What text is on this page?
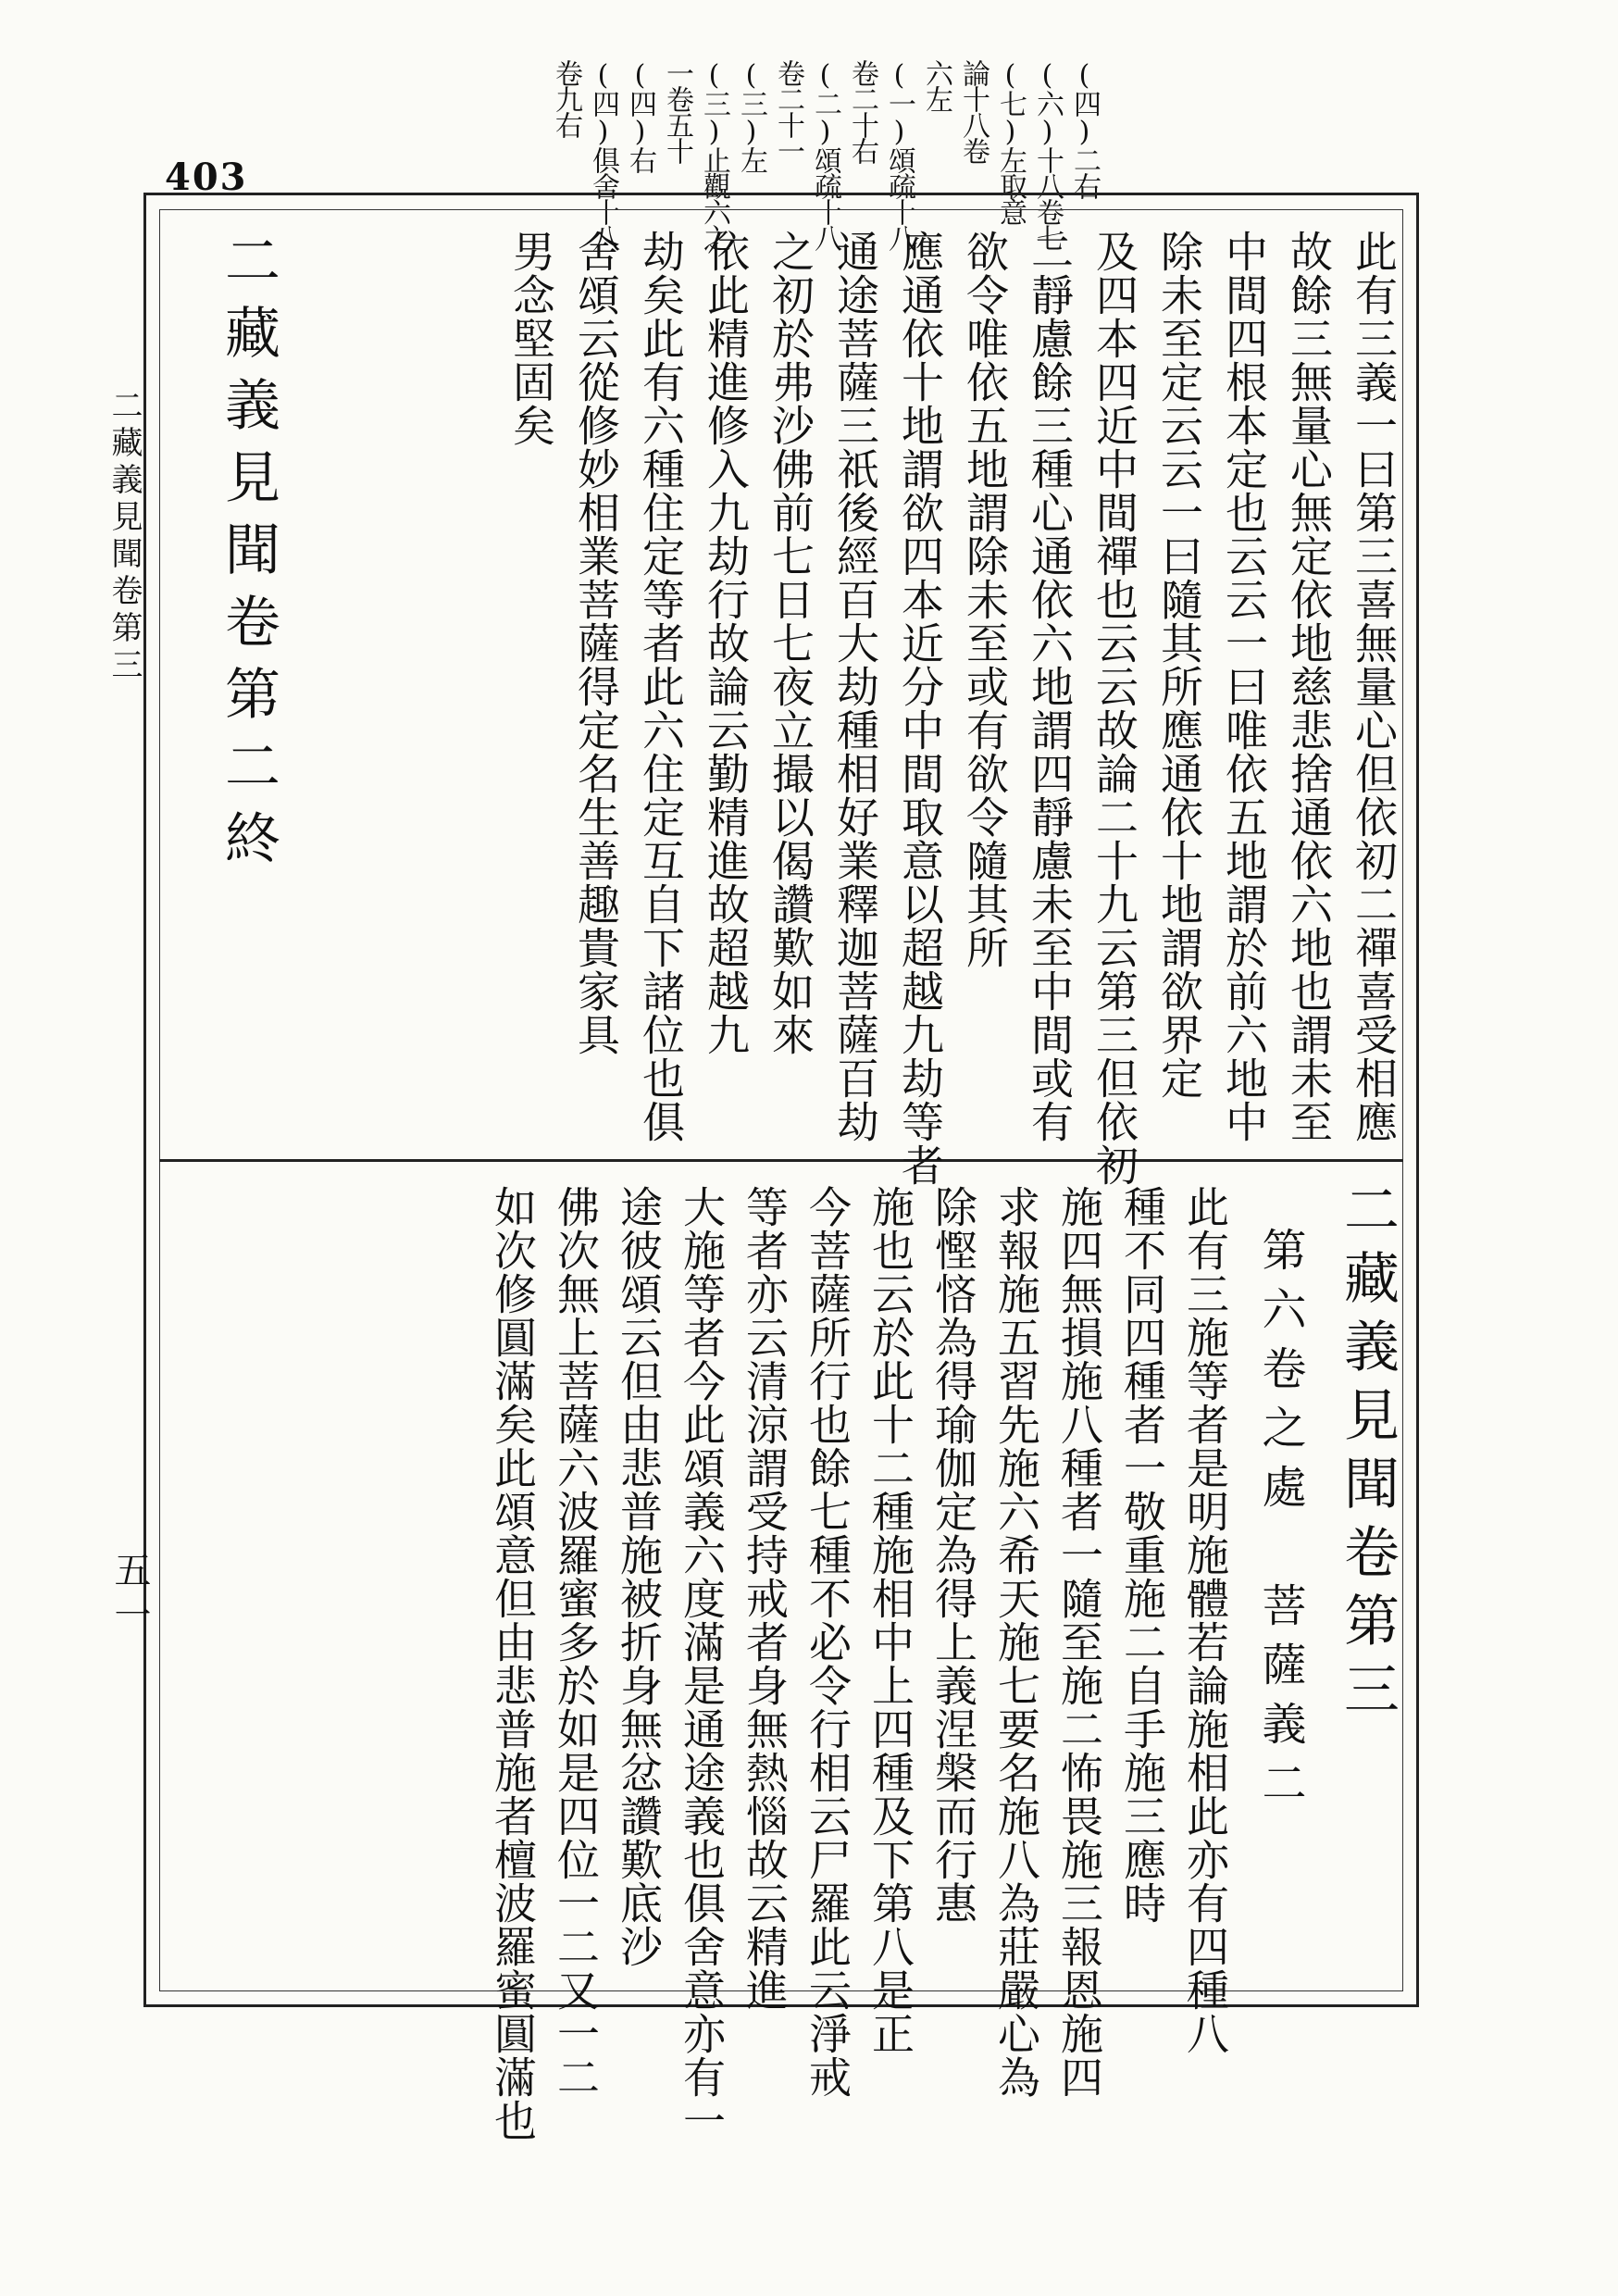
403	(四)二右
(六)十八卷七
(七)左取意
論十八卷
六左
(一)頌疏十八
卷二十右
(二)頌疏十八
卷二十一
(三)左
(三)止觀六之
一卷五十
(四)右
(四)俱舍十八
卷九右
二藏義見聞卷第三
五一
此有三義一曰第三喜無量心但依初二禪喜受相應
故餘三無量心無定依地慈悲捨通依六地也謂未至
中間四根本定也云云一曰唯依五地謂於前六地中
除未至定云云一曰隨其所應通依十地謂欲界定
及四本四近中間禪也云云故論二十九云第三但依初
二靜慮餘三種心通依六地謂四靜慮未至中間或有
欲令唯依五地謂除未至或有欲令隨其所
應通依十地謂欲四本近分中間取意以超越九劫等者
通途菩薩三祇後經百大劫種相好業釋迦菩薩百劫
之初於弗沙佛前七日七夜立撮以偈讚歎如來
依此精進修入九劫行故論云勤精進故超越九
劫矣此有六種住定等者此六住定互自下諸位也俱
舍頌云從修妙相業菩薩得定名生善趣貴家具
男念堅固矣
二藏義見聞卷第二終
二藏義見聞卷第三
第六卷之處　菩薩義二
此有三施等者是明施體若論施相此亦有四種八
種不同四種者一敬重施二自手施三應時
施四無損施八種者一隨至施二怖畏施三報恩施四
求報施五習先施六希天施七要名施八為莊嚴心為
除慳悋為得瑜伽定為得上義涅槃而行惠
施也云於此十二種施相中上四種及下第八是正
今菩薩所行也餘七種不必令行相云尸羅此云淨戒
等者亦云清涼謂受持戒者身無熱惱故云精進
大施等者今此頌義六度滿是通途義也俱舍意亦有一
途彼頌云但由悲普施被折身無忿讚歎底沙
佛次無上菩薩六波羅蜜多於如是四位一二又一二
如次修圓滿矣此頌意但由悲普施者檀波羅蜜圓滿也
